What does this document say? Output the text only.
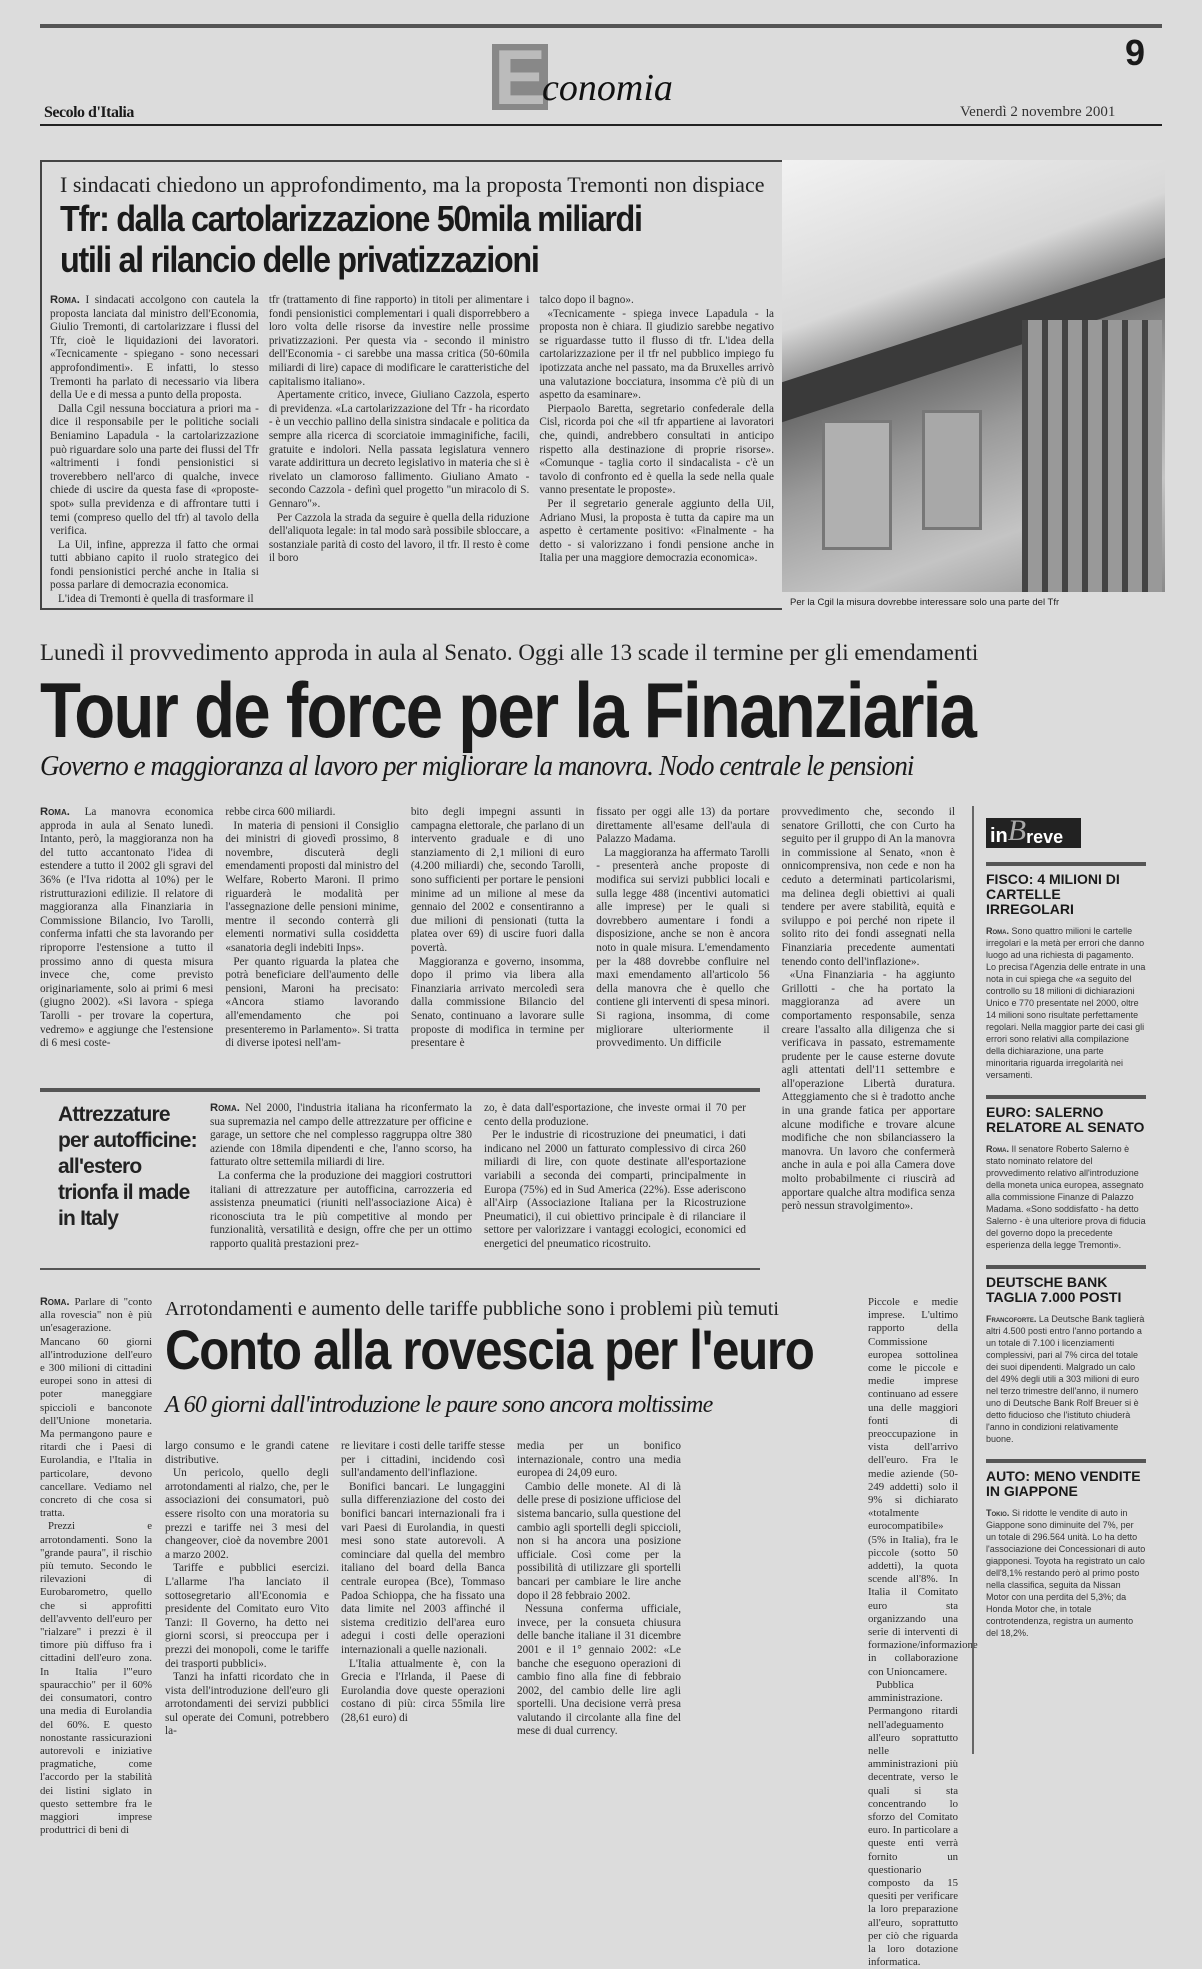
E
conomia
9
Secolo d'Italia	Venerdì 2 novembre 2001
I sindacati chiedono un approfondimento, ma la proposta Tremonti non dispiace
Tfr: dalla cartolarizzazione 50mila miliardi
utili al rilancio delle privatizzazioni
Roma. I sindacati accolgono con cautela la proposta lanciata dal ministro dell'Economia, Giulio Tremonti, di cartolarizzare i flussi del Tfr, cioè le liquidazioni dei lavoratori. «Tecnicamente - spiegano - sono necessari approfondimenti». E infatti, lo stesso Tremonti ha parlato di necessario via libera della Ue e di messa a punto della proposta.

Dalla Cgil nessuna bocciatura a priori ma - dice il responsabile per le politiche sociali Beniamino Lapadula - la cartolarizzazione può riguardare solo una parte dei flussi del Tfr «altrimenti i fondi pensionistici si troverebbero nell'arco di qualche, invece chiede di uscire da questa fase di «proposte-spot» sulla previdenza e di affrontare tutti i temi (compreso quello del tfr) al tavolo della verifica.

La Uil, infine, apprezza il fatto che ormai tutti abbiano capito il ruolo strategico dei fondi pensionistici perché anche in Italia si possa parlare di democrazia economica.

L'idea di Tremonti è quella di trasformare il

tfr (trattamento di fine rapporto) in titoli per alimentare i fondi pensionistici complementari i quali disporrebbero a loro volta delle risorse da investire nelle prossime privatizzazioni. Per questa via - secondo il ministro dell'Economia - ci sarebbe una massa critica (50-60mila miliardi di lire) capace di modificare le caratteristiche del capitalismo italiano».

Apertamente critico, invece, Giuliano Cazzola, esperto di previdenza. «La cartolarizzazione del Tfr - ha ricordato - è un vecchio pallino della sinistra sindacale e politica da sempre alla ricerca di scorciatoie immaginifiche, facili, gratuite e indolori. Nella passata legislatura vennero varate addirittura un decreto legislativo in materia che si è rivelato un clamoroso fallimento. Giuliano Amato - secondo Cazzola - definì quel progetto "un miracolo di S. Gennaro"».

Per Cazzola la strada da seguire è quella della riduzione dell'aliquota legale: in tal modo sarà possibile sbloccare, a sostanziale parità di costo del lavoro, il tfr. Il resto è come il boro

talco dopo il bagno».

«Tecnicamente - spiega invece Lapadula - la proposta non è chiara. Il giudizio sarebbe negativo se riguardasse tutto il flusso di tfr. L'idea della cartolarizzazione per il tfr nel pubblico impiego fu ipotizzata anche nel passato, ma da Bruxelles arrivò una valutazione bocciatura, insomma c'è più di un aspetto da esaminare».

Pierpaolo Baretta, segretario confederale della Cisl, ricorda poi che «il tfr appartiene ai lavoratori che, quindi, andrebbero consultati in anticipo rispetto alla destinazione di proprie risorse». «Comunque - taglia corto il sindacalista - c'è un tavolo di confronto ed è quella la sede nella quale vanno presentate le proposte».

Per il segretario generale aggiunto della Uil, Adriano Musi, la proposta è tutta da capire ma un aspetto è certamente positivo: «Finalmente - ha detto - si valorizzano i fondi pensione anche in Italia per una maggiore democrazia economica».

Per la Cgil la misura dovrebbe interessare solo una parte del Tfr
Lunedì il provvedimento approda in aula al Senato. Oggi alle 13 scade il termine per gli emendamenti
Tour de force per la Finanziaria
Governo e maggioranza al lavoro per migliorare la manovra. Nodo centrale le pensioni
Roma. La manovra economica approda in aula al Senato lunedì. Intanto, però, la maggioranza non ha del tutto accantonato l'idea di estendere a tutto il 2002 gli sgravi del 36% (e l'Iva ridotta al 10%) per le ristrutturazioni edilizie. Il relatore di maggioranza alla Finanziaria in Commissione Bilancio, Ivo Tarolli, conferma infatti che sta lavorando per riproporre l'estensione a tutto il prossimo anno di questa misura invece che, come previsto originariamente, solo ai primi 6 mesi (giugno 2002). «Si lavora - spiega Tarolli - per trovare la copertura, vedremo» e aggiunge che l'estensione di 6 mesi coste-

rebbe circa 600 miliardi.

In materia di pensioni il Consiglio dei ministri di giovedì prossimo, 8 novembre, discuterà degli emendamenti proposti dal ministro del Welfare, Roberto Maroni. Il primo riguarderà le modalità per l'assegnazione delle pensioni minime, mentre il secondo conterrà gli elementi normativi sulla cosiddetta «sanatoria degli indebiti Inps».

Per quanto riguarda la platea che potrà beneficiare dell'aumento delle pensioni, Maroni ha precisato: «Ancora stiamo lavorando all'emendamento che poi presenteremo in Parlamento». Si tratta di diverse ipotesi nell'am-

bito degli impegni assunti in campagna elettorale, che parlano di un intervento graduale e di uno stanziamento di 2,1 milioni di euro (4.200 miliardi) che, secondo Tarolli, sono sufficienti per portare le pensioni minime ad un milione al mese da gennaio del 2002 e consentiranno a due milioni di pensionati (tutta la platea over 69) di uscire fuori dalla povertà.

Maggioranza e governo, insomma, dopo il primo via libera alla Finanziaria arrivato mercoledì sera dalla commissione Bilancio del Senato, continuano a lavorare sulle proposte di modifica in termine per presentare è

fissato per oggi alle 13) da portare direttamente all'esame dell'aula di Palazzo Madama.

La maggioranza ha affermato Tarolli - presenterà anche proposte di modifica sui servizi pubblici locali e sulla legge 488 (incentivi automatici alle imprese) per le quali si dovrebbero aumentare i fondi a disposizione, anche se non è ancora noto in quale misura. L'emendamento per la 488 dovrebbe confluire nel maxi emendamento all'articolo 56 della manovra che è quello che contiene gli interventi di spesa minori. Si ragiona, insomma, di come migliorare ulteriormente il provvedimento. Un difficile

provvedimento che, secondo il senatore Grillotti, che con Curto ha seguito per il gruppo di An la manovra in commissione al Senato, «non è onnicomprensiva, non cede e non ha ceduto a determinati particolarismi, ma delinea degli obiettivi ai quali tendere per avere stabilità, equità e sviluppo e poi perché non ripete il solito rito dei fondi assegnati nella Finanziaria precedente aumentati tenendo conto dell'inflazione».

«Una Finanziaria - ha aggiunto Grillotti - che ha portato la maggioranza ad avere un comportamento responsabile, senza creare l'assalto alla diligenza che si verificava in passato, estremamente prudente per le cause esterne dovute agli attentati dell'11 settembre e all'operazione Libertà duratura. Atteggiamento che si è tradotto anche in una grande fatica per apportare alcune modifiche e trovare alcune modifiche che non sbilanciassero la manovra. Un lavoro che confermerà anche in aula e poi alla Camera dove molto probabilmente ci riuscirà ad apportare qualche altra modifica senza però nessun stravolgimento».

Attrezzature per autofficine: all'estero trionfa il made in Italy
Roma. Nel 2000, l'industria italiana ha riconfermato la sua supremazia nel campo delle attrezzature per officine e garage, un settore che nel complesso raggruppa oltre 380 aziende con 18mila dipendenti e che, l'anno scorso, ha fatturato oltre settemila miliardi di lire.

La conferma che la produzione dei maggiori costruttori italiani di attrezzature per autofficina, carrozzeria ed assistenza pneumatici (riuniti nell'associazione Aica) è riconosciuta tra le più competitive al mondo per funzionalità, versatilità e design, offre che per un ottimo rapporto qualità prestazioni prez-

zo, è data dall'esportazione, che investe ormai il 70 per cento della produzione.

Per le industrie di ricostruzione dei pneumatici, i dati indicano nel 2000 un fatturato complessivo di circa 260 miliardi di lire, con quote destinate all'esportazione variabili a seconda dei comparti, principalmente in Europa (75%) ed in Sud America (22%). Esse aderiscono all'Airp (Associazione Italiana per la Ricostruzione Pneumatici), il cui obiettivo principale è di rilanciare il settore per valorizzare i vantaggi ecologici, economici ed energetici del pneumatico ricostruito.

Roma. Parlare di "conto alla rovescia" non è più un'esagerazione. Mancano 60 giorni all'introduzione dell'euro e 300 milioni di cittadini europei sono in attesi di poter maneggiare spiccioli e banconote dell'Unione monetaria. Ma permangono paure e ritardi che i Paesi di Eurolandia, e l'Italia in particolare, devono cancellare. Vediamo nel concreto di che cosa si tratta.

Prezzi e arrotondamenti. Sono la "grande paura", il rischio più temuto. Secondo le rilevazioni di Eurobarometro, quello che si approfitti dell'avvento dell'euro per "rialzare" i prezzi è il timore più diffuso fra i cittadini dell'euro zona. In Italia l'"euro spauracchio" per il 60% dei consumatori, contro una media di Eurolandia del 60%. E questo nonostante rassicurazioni autorevoli e iniziative pragmatiche, come l'accordo per la stabilità dei listini siglato in questo settembre fra le maggiori imprese produttrici di beni di

Arrotondamenti e aumento delle tariffe pubbliche sono i problemi più temuti
Conto alla rovescia per l'euro
A 60 giorni dall'introduzione le paure sono ancora moltissime

largo consumo e le grandi catene distributive.

Un pericolo, quello degli arrotondamenti al rialzo, che, per le associazioni dei consumatori, può essere risolto con una moratoria su prezzi e tariffe nei 3 mesi del changeover, cioè da novembre 2001 a marzo 2002.

Tariffe e pubblici esercizi. L'allarme l'ha lanciato il sottosegretario all'Economia e presidente del Comitato euro Vito Tanzi: Il Governo, ha detto nei giorni scorsi, si preoccupa per i prezzi dei monopoli, come le tariffe dei trasporti pubblici».

Tanzi ha infatti ricordato che in vista dell'introduzione dell'euro gli arrotondamenti dei servizi pubblici sul operate dei Comuni, potrebbero la-

re lievitare i costi delle tariffe stesse per i cittadini, incidendo così sull'andamento dell'inflazione.

Bonifici bancari. Le lungaggini sulla differenziazione del costo dei bonifici bancari internazionali fra i vari Paesi di Eurolandia, in questi mesi sono state autorevoli. A cominciare dal quella del membro italiano del board della Banca centrale europea (Bce), Tommaso Padoa Schioppa, che ha fissato una data limite nel 2003 affinché il sistema creditizio dell'area euro adegui i costi delle operazioni internazionali a quelle nazionali.

L'Italia attualmente è, con la Grecia e l'Irlanda, il Paese di Eurolandia dove queste operazioni costano di più: circa 55mila lire (28,61 euro) di

media per un bonifico internazionale, contro una media europea di 24,09 euro.

Cambio delle monete. Al di là delle prese di posizione ufficiose del sistema bancario, sulla questione del cambio agli sportelli degli spiccioli, non si ha ancora una posizione ufficiale. Così come per la possibilità di utilizzare gli sportelli bancari per cambiare le lire anche dopo il 28 febbraio 2002.

Nessuna conferma ufficiale, invece, per la consueta chiusura delle banche italiane il 31 dicembre 2001 e il 1° gennaio 2002: «Le banche che eseguono operazioni di cambio fino alla fine di febbraio 2002, del cambio delle lire agli sportelli. Una decisione verrà presa valutando il circolante alla fine del mese di dual currency.

Piccole e medie imprese. L'ultimo rapporto della Commissione europea sottolinea come le piccole e medie imprese continuano ad essere una delle maggiori fonti di preoccupazione in vista dell'arrivo dell'euro. Fra le medie aziende (50-249 addetti) solo il 9% si dichiarato «totalmente eurocompatibile» (5% in Italia), fra le piccole (sotto 50 addetti), la quota scende all'8%. In Italia il Comitato euro sta organizzando una serie di interventi di formazione/informazione in collaborazione con Unioncamere.

Pubblica amministrazione. Permangono ritardi nell'adeguamento all'euro soprattutto nelle amministrazioni più decentrate, verso le quali si sta concentrando lo sforzo del Comitato euro. In particolare a queste enti verrà fornito un questionario composto da 15 quesiti per verificare la loro preparazione all'euro, soprattutto per ciò che riguarda la loro dotazione informatica.

in B reve
FISCO: 4 MILIONI DI CARTELLE IRREGOLARI
Roma. Sono quattro milioni le cartelle irregolari e la metà per errori che danno luogo ad una richiesta di pagamento. Lo precisa l'Agenzia delle entrate in una nota in cui spiega che «a seguito del controllo su 18 milioni di dichiarazioni Unico e 770 presentate nel 2000, oltre 14 milioni sono risultate perfettamente regolari. Nella maggior parte dei casi gli errori sono relativi alla compilazione della dichiarazione, una parte minoritaria riguarda irregolarità nei versamenti.
EURO: SALERNO RELATORE AL SENATO
Roma. Il senatore Roberto Salerno è stato nominato relatore del provvedimento relativo all'introduzione della moneta unica europea, assegnato alla commissione Finanze di Palazzo Madama. «Sono soddisfatto - ha detto Salerno - è una ulteriore prova di fiducia del governo dopo la precedente esperienza della legge Tremonti».
DEUTSCHE BANK TAGLIA 7.000 POSTI
Francoforte. La Deutsche Bank taglierà altri 4.500 posti entro l'anno portando a un totale di 7.100 i licenziamenti complessivi, pari al 7% circa del totale dei suoi dipendenti. Malgrado un calo del 49% degli utili a 303 milioni di euro nel terzo trimestre dell'anno, il numero uno di Deutsche Bank Rolf Breuer si è detto fiducioso che l'istituto chiuderà l'anno in condizioni relativamente buone.
AUTO: MENO VENDITE IN GIAPPONE
Tokio. Si ridotte le vendite di auto in Giappone sono diminuite del 7%, per un totale di 296.564 unità. Lo ha detto l'associazione dei Concessionari di auto giapponesi. Toyota ha registrato un calo dell'8,1% restando però al primo posto nella classifica, seguita da Nissan Motor con una perdita del 5,3%; da Honda Motor che, in totale controtendenza, registra un aumento del 18,2%.
